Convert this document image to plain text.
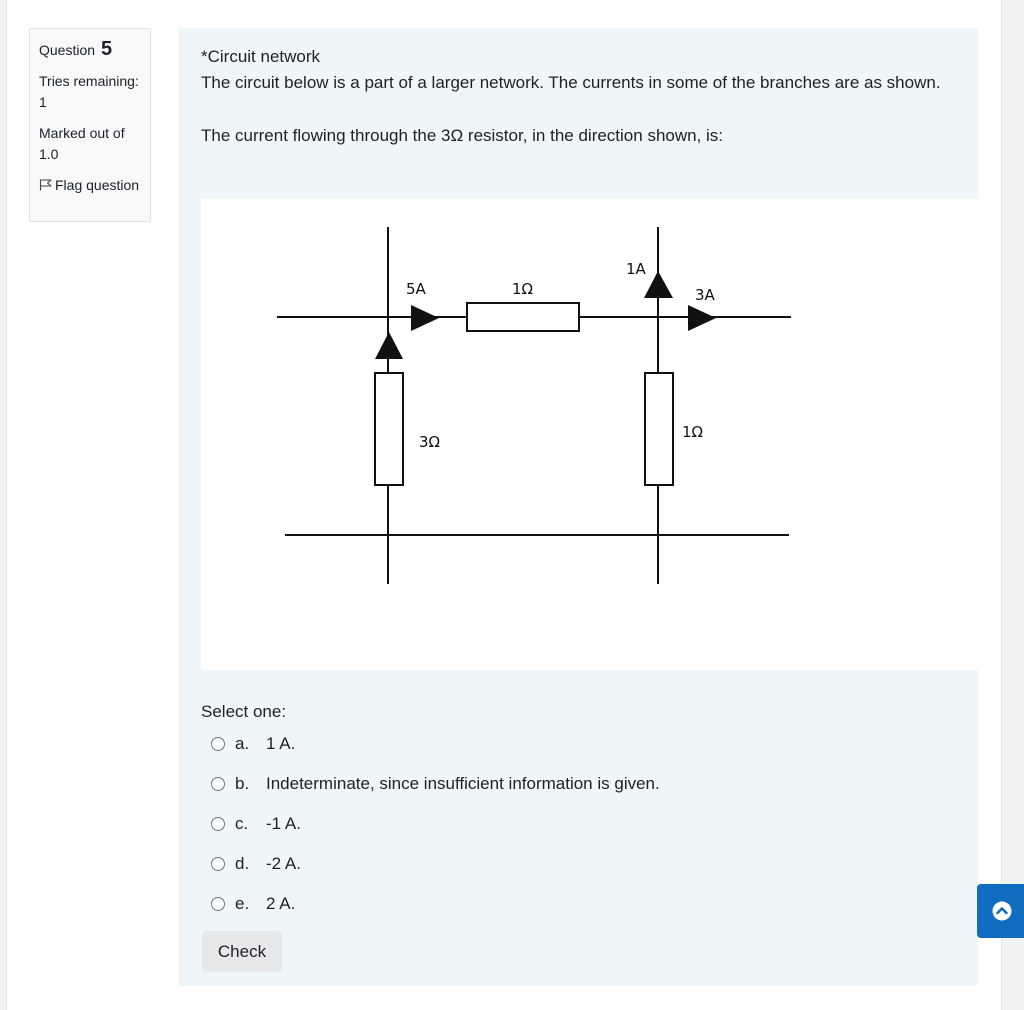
Question 5
Tries remaining: 1
Marked out of 1.0
Flag question

*Circuit network

The circuit below is a part of a larger network. The currents in some of the branches are as shown.

The current flowing through the 3Ω resistor, in the direction shown, is:

5A	1Ω
1A
3A
3Ω
1Ω

Select one:

a. 1 A.
b. Indeterminate, since insufficient information is given.
c.	-1 A.
d. -2 A.
e. 2 A.
Check
